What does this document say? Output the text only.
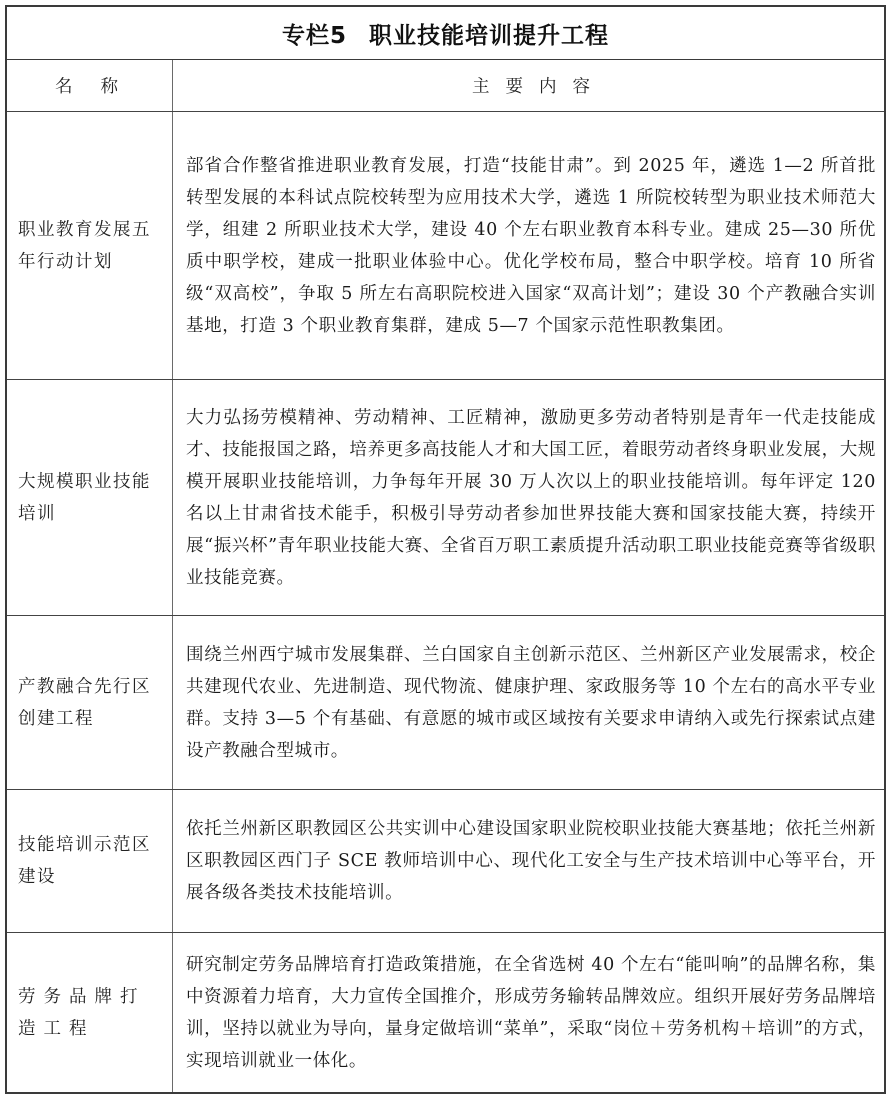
专栏5 职业技能培训提升工程
名称	主要内容
职业教育发展五年行动计划
部省合作整省推进职业教育发展，打造“技能甘肃”。到 2025 年，遴选 1—2 所首批转型发展的本科试点院校转型为应用技术大学，遴选 1 所院校转型为职业技术师范大学，组建 2 所职业技术大学，建设 40 个左右职业教育本科专业。建成 25—30 所优质中职学校，建成一批职业体验中心。优化学校布局，整合中职学校。培育 10 所省级“双高校”，争取 5 所左右高职院校进入国家“双高计划”；建设 30 个产教融合实训基地，打造 3 个职业教育集群，建成 5—7 个国家示范性职教集团。
大规模职业技能培训
大力弘扬劳模精神、劳动精神、工匠精神，激励更多劳动者特别是青年一代走技能成才、技能报国之路，培养更多高技能人才和大国工匠，着眼劳动者终身职业发展，大规模开展职业技能培训，力争每年开展 30 万人次以上的职业技能培训。每年评定 120 名以上甘肃省技术能手，积极引导劳动者参加世界技能大赛和国家技能大赛，持续开展“振兴杯”青年职业技能大赛、全省百万职工素质提升活动职工职业技能竞赛等省级职业技能竞赛。
产教融合先行区创建工程
围绕兰州西宁城市发展集群、兰白国家自主创新示范区、兰州新区产业发展需求，校企共建现代农业、先进制造、现代物流、健康护理、家政服务等 10 个左右的高水平专业群。支持 3—5 个有基础、有意愿的城市或区域按有关要求申请纳入或先行探索试点建设产教融合型城市。
技能培训示范区建设
依托兰州新区职教园区公共实训中心建设国家职业院校职业技能大赛基地；依托兰州新区职教园区西门子 SCE 教师培训中心、现代化工安全与生产技术培训中心等平台，开展各级各类技术技能培训。
劳务品牌打造工程
研究制定劳务品牌培育打造政策措施，在全省选树 40 个左右“能叫响”的品牌名称，集中资源着力培育，大力宣传全国推介，形成劳务输转品牌效应。组织开展好劳务品牌培训，坚持以就业为导向，量身定做培训“菜单”，采取“岗位＋劳务机构＋培训”的方式，实现培训就业一体化。
